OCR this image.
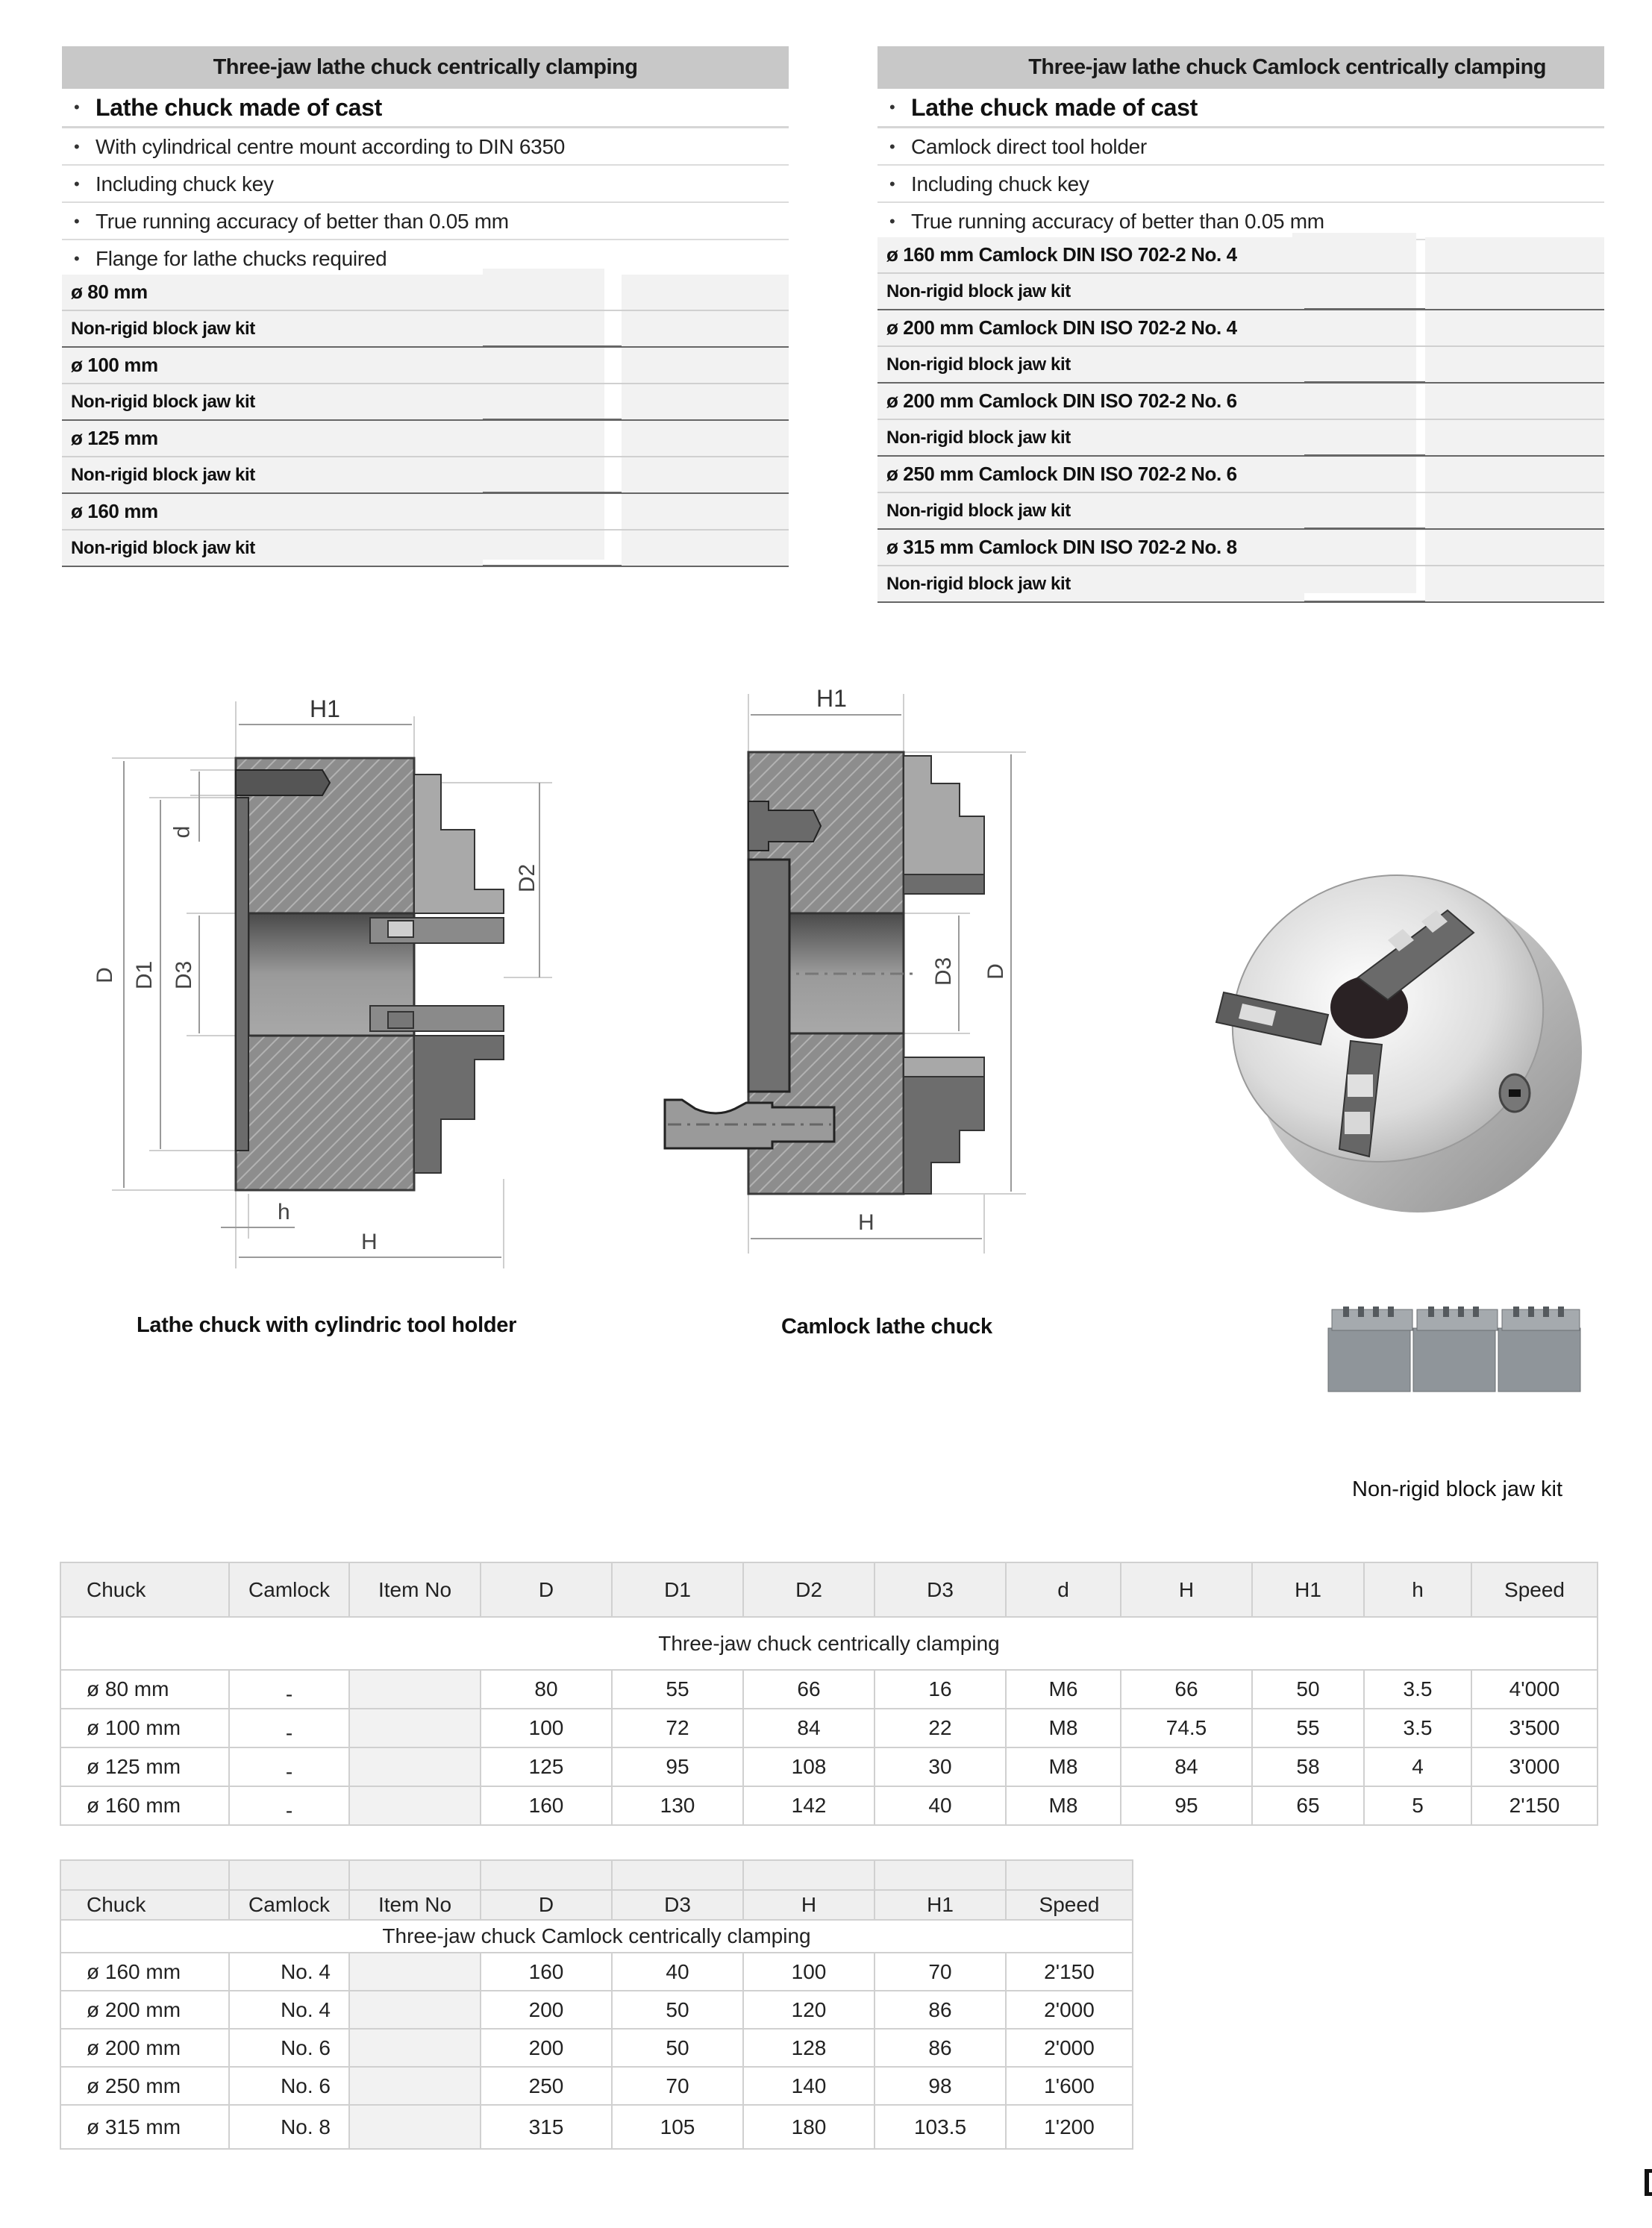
Three-jaw lathe chuck centrically clamping
• Lathe chuck made of cast
• With cylindrical centre mount according to DIN 6350
• Including chuck key
• True running accuracy of better than 0.05 mm
• Flange for lathe chucks required
ø 80 mm
Non-rigid block jaw kit
ø 100 mm
Non-rigid block jaw kit
ø 125 mm
Non-rigid block jaw kit
ø 160 mm
Non-rigid block jaw kit
Three-jaw lathe chuck Camlock centrically clamping
• Lathe chuck made of cast
• Camlock direct tool holder
• Including chuck key
• True running accuracy of better than 0.05 mm
ø 160 mm Camlock DIN ISO 702-2 No. 4
Non-rigid block jaw kit
ø 200 mm Camlock DIN ISO 702-2 No. 4
Non-rigid block jaw kit
ø 200 mm Camlock DIN ISO 702-2 No. 6
Non-rigid block jaw kit
ø 250 mm Camlock DIN ISO 702-2 No. 6
Non-rigid block jaw kit
ø 315 mm Camlock DIN ISO 702-2 No. 8
Non-rigid block jaw kit
H1
D D1 D3
d
D2
h
H
Lathe chuck with cylindric tool holder
H1
D3 D
H
Camlock lathe chuck
Non-rigid block jaw kit
Chuck	Camlock	Item No	D	D1	D2	D3	d	H	H1	h	Speed
Three-jaw chuck centrically clamping											
ø 80 mm	-		80	55	66	16	M6	66	50	3.5	4'000
ø 100 mm	-		100	72	84	22	M8	74.5	55	3.5	3'500
ø 125 mm	-		125	95	108	30	M8	84	58	4	3'000
ø 160 mm	-		160	130	142	40	M8	95	65	5	2'150

Chuck	Camlock	Item No	D	D3	H	H1	Speed
Three-jaw chuck Camlock centrically clamping							
ø 160 mm	No. 4		160	40	100	70	2'150
ø 200 mm	No. 4		200	50	120	86	2'000
ø 200 mm	No. 6		200	50	128	86	2'000
ø 250 mm	No. 6		250	70	140	98	1'600
ø 315 mm	No. 8		315	105	180	103.5	1'200
